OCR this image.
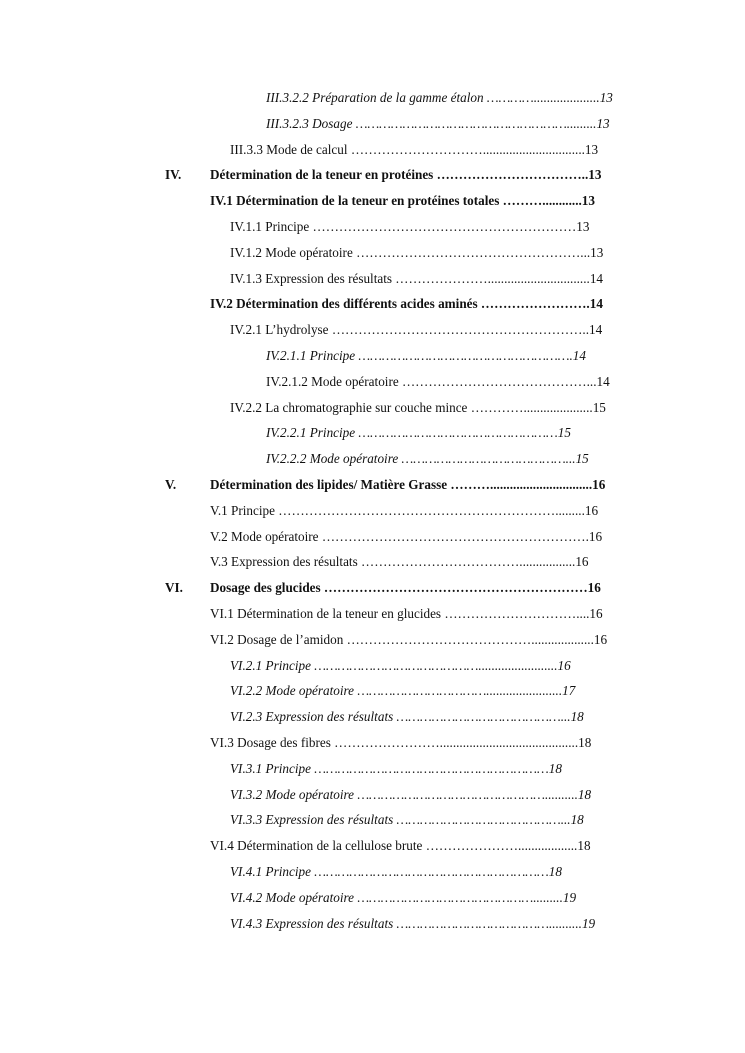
III.3.2.2 Préparation de la gamme étalon …………....................13
III.3.2.3 Dosage ……………………………………………….........13
III.3.3 Mode de calcul …………………………...............................13
IV. Détermination de la teneur en protéines ……………………………..13
IV.1 Détermination de la teneur en protéines totales ………............13
IV.1.1 Principe ……………………………………………………13
IV.1.2 Mode opératoire ……………………………………………...13
IV.1.3 Expression des résultats …………………...............................14
IV.2 Détermination des différents acides aminés …………………….14
IV.2.1 L’hydrolyse …………………………………………………..14
IV.2.1.1 Principe ……………………………………………….14
IV.2.1.2 Mode opératoire ……………………………………...14
IV.2.2 La chromatographie sur couche mince ………….....................15
IV.2.2.1 Principe ……………………………………………15
IV.2.2.2 Mode opératoire ……………………………………...15
V.	Détermination des lipides/ Matière Grasse ………...............................16
V.1 Principe ……………………………………………………….........16
V.2 Mode opératoire …………………………………………………….16
V.3 Expression des résultats ……………………………….................16
VI. Dosage des glucides ……………………………………………………16
VI.1 Détermination de la teneur en glucides …………………………....16
VI.2 Dosage de l’amidon ……………………………………...................16
VI.2.1 Principe ……………………………………........................16
VI.2.2 Mode opératoire …………………………….......................17
VI.2.3 Expression des résultats ……………………………………...18
VI.3 Dosage des fibres ……………………..........................................18
VI.3.1 Principe ……………………………………………………18
VI.3.2 Mode opératoire …………………………………………..........18
VI.3.3 Expression des résultats ……………………………………...18
VI.4 Détermination de la cellulose brute …………………..................18
VI.4.1 Principe ……………………………………………………18
VI.4.2 Mode opératoire ……………………………………….........19
VI.4.3 Expression des résultats …………………………………..........19
